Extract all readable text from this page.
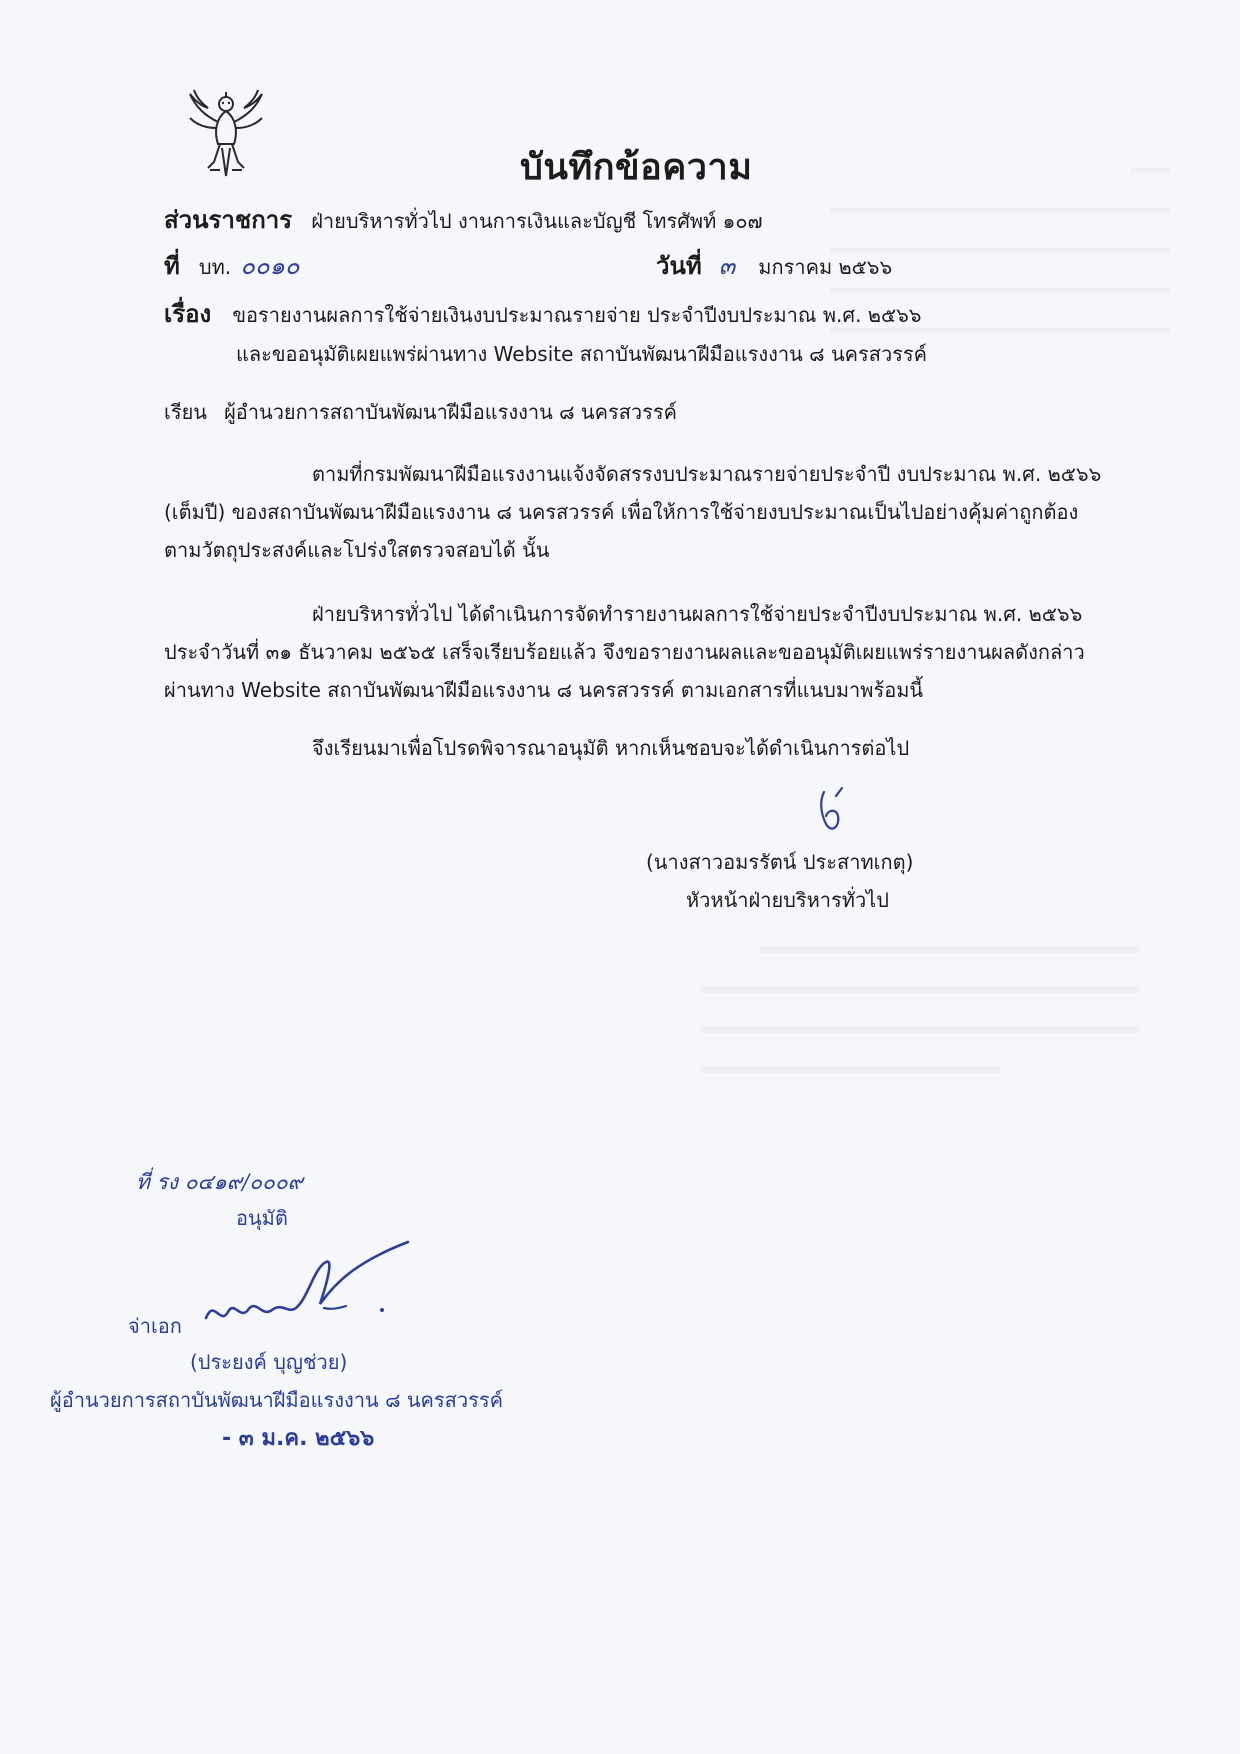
บันทึกข้อความ
ส่วนราชการ ฝ่ายบริหารทั่วไป งานการเงินและบัญชี โทรศัพท์ ๑๐๗
ที่ บท. ๐๐๑๐	วันที่ ๓ มกราคม ๒๕๖๖
เรื่อง ขอรายงานผลการใช้จ่ายเงินงบประมาณรายจ่าย ประจำปีงบประมาณ พ.ศ. ๒๕๖๖
และขออนุมัติเผยแพร่ผ่านทาง Website สถาบันพัฒนาฝีมือแรงงาน ๘ นครสวรรค์
เรียน ผู้อำนวยการสถาบันพัฒนาฝีมือแรงงาน ๘ นครสวรรค์
ตามที่กรมพัฒนาฝีมือแรงงานแจ้งจัดสรรงบประมาณรายจ่ายประจำปี งบประมาณ พ.ศ. ๒๕๖๖
(เต็มปี) ของสถาบันพัฒนาฝีมือแรงงาน ๘ นครสวรรค์ เพื่อให้การใช้จ่ายงบประมาณเป็นไปอย่างคุ้มค่าถูกต้อง
ตามวัตถุประสงค์และโปร่งใสตรวจสอบได้ นั้น
ฝ่ายบริหารทั่วไป ได้ดำเนินการจัดทำรายงานผลการใช้จ่ายประจำปีงบประมาณ พ.ศ. ๒๕๖๖
ประจำวันที่ ๓๑ ธันวาคม ๒๕๖๕ เสร็จเรียบร้อยแล้ว จึงขอรายงานผลและขออนุมัติเผยแพร่รายงานผลดังกล่าว
ผ่านทาง Website สถาบันพัฒนาฝีมือแรงงาน ๘ นครสวรรค์ ตามเอกสารที่แนบมาพร้อมนี้
จึงเรียนมาเพื่อโปรดพิจารณาอนุมัติ หากเห็นชอบจะได้ดำเนินการต่อไป
(นางสาวอมรรัตน์ ประสาทเกตุ)
หัวหน้าฝ่ายบริหารทั่วไป
ที่ รง ๐๔๑๙/๐๐๐๙
อนุมัติ
จ่าเอก
(ประยงค์ บุญช่วย)
ผู้อำนวยการสถาบันพัฒนาฝีมือแรงงาน ๘ นครสวรรค์
- ๓ ม.ค. ๒๕๖๖
